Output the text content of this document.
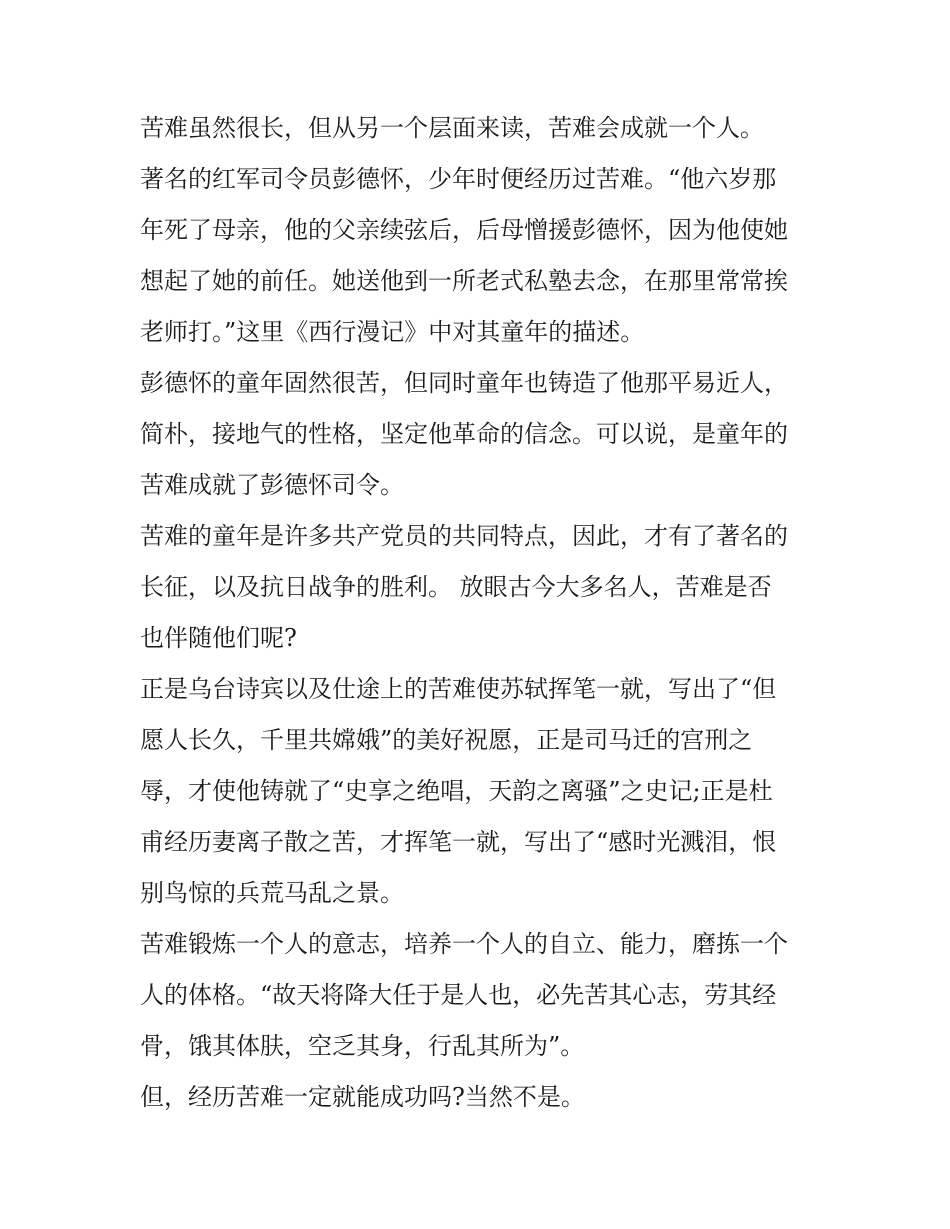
苦难虽然很长，但从另一个层面来读，苦难会成就一个人。
著名的红军司令员彭德怀，少年时便经历过苦难。“他六岁那
年死了母亲，他的父亲续弦后，后母憎援彭德怀，因为他使她
想起了她的前任。她送他到一所老式私塾去念，在那里常常挨
老师打。”这里《西行漫记》中对其童年的描述。
彭德怀的童年固然很苦，但同时童年也铸造了他那平易近人，
简朴，接地气的性格，坚定他革命的信念。可以说，是童年的
苦难成就了彭德怀司令。
苦难的童年是许多共产党员的共同特点，因此，才有了著名的
长征，以及抗日战争的胜利。 放眼古今大多名人，苦难是否
也伴随他们呢?
正是乌台诗宾以及仕途上的苦难使苏轼挥笔一就，写出了“但
愿人长久，千里共嫦娥”的美好祝愿，正是司马迁的宫刑之
辱，才使他铸就了“史享之绝唱，天韵之离骚”之史记;正是杜
甫经历妻离子散之苦，才挥笔一就，写出了“感时光溅泪，恨
别鸟惊的兵荒马乱之景。
苦难锻炼一个人的意志，培养一个人的自立、能力，磨拣一个
人的体格。“故天将降大任于是人也，必先苦其心志，劳其经
骨，饿其体肤，空乏其身，行乱其所为”。
但，经历苦难一定就能成功吗?当然不是。
